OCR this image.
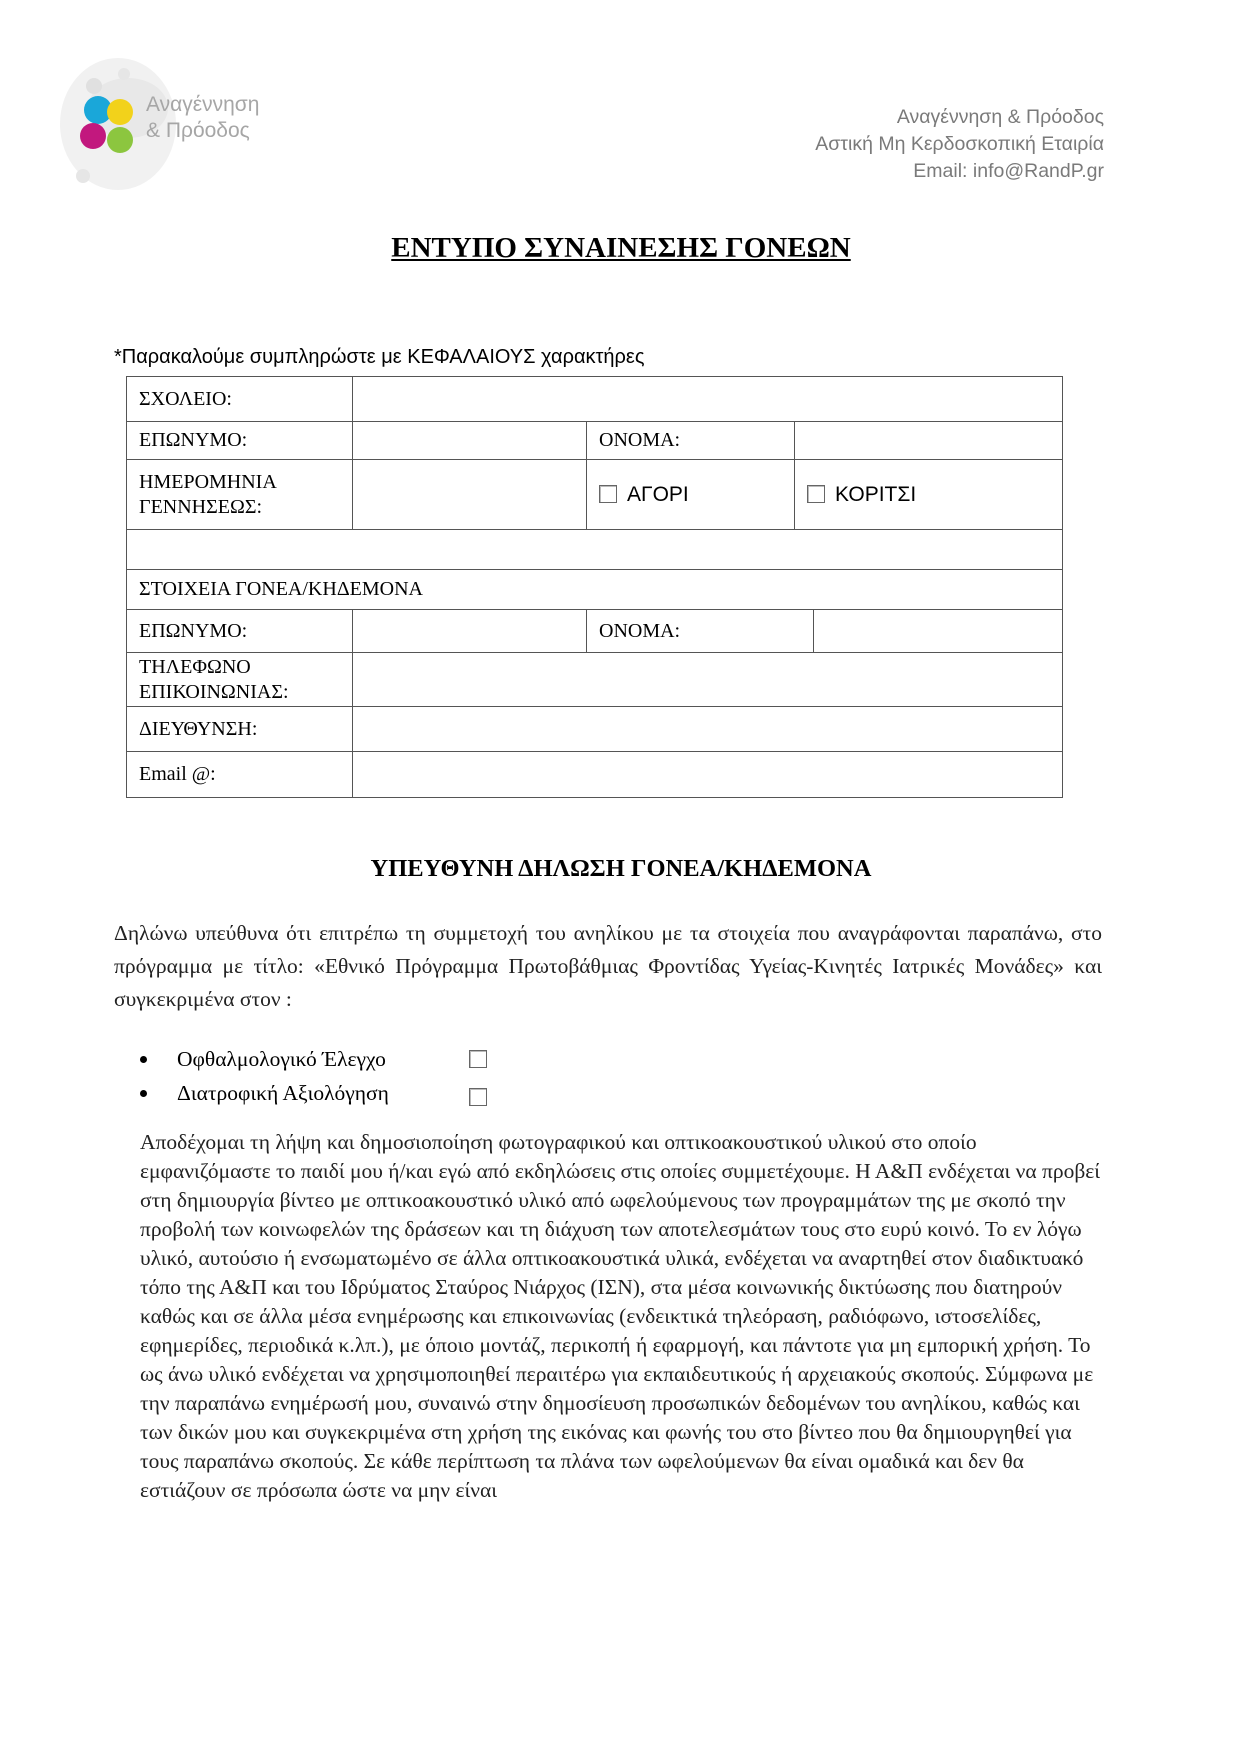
Αναγέννηση
& Πρόοδος
Αναγέννηση & Πρόοδος
Αστική Μη Κερδοσκοπική Εταιρία
Email: info@RandP.gr
ΕΝΤΥΠΟ ΣΥΝΑΙΝΕΣΗΣ ΓΟΝΕΩΝ
*Παρακαλούμε συμπληρώστε με ΚΕΦΑΛΑΙΟΥΣ χαρακτήρες
ΣΧΟΛΕΙΟ:			
ΕΠΩΝΥΜΟ:		ΟΝΟΜΑ:	
ΗΜΕΡΟΜΗΝΙΑ ΓΕΝΝΗΣΕΩΣ:		ΑΓΟΡΙ	ΚΟΡΙΤΣΙ

ΣΤΟΙΧΕΙΑ ΓΟΝΕΑ/ΚΗΔΕΜΟΝΑ			
ΕΠΩΝΥΜΟ:		ΟΝΟΜΑ:	
ΤΗΛΕΦΩΝΟ ΕΠΙΚΟΙΝΩΝΙΑΣ:			
ΔΙΕΥΘΥΝΣΗ:			
Email @:			
ΥΠΕΥΘΥΝΗ ΔΗΛΩΣΗ ΓΟΝΕΑ/ΚΗΔΕΜΟΝΑ
Δηλώνω υπεύθυνα ότι επιτρέπω τη συμμετοχή του ανηλίκου με τα στοιχεία που αναγράφονται παραπάνω, στο πρόγραμμα με τίτλο: «Εθνικό Πρόγραμμα Πρωτοβάθμιας Φροντίδας Υγείας-Κινητές Ιατρικές Μονάδες» και συγκεκριμένα στον :
Οφθαλμολογικό Έλεγχο
Διατροφική Αξιολόγηση
Αποδέχομαι τη λήψη και δημοσιοποίηση φωτογραφικού και οπτικοακουστικού υλικού στο οποίο εμφανιζόμαστε το παιδί μου ή/και εγώ από εκδηλώσεις στις οποίες συμμετέχουμε. Η Α&Π ενδέχεται να προβεί στη δημιουργία βίντεο με οπτικοακουστικό υλικό από ωφελούμενους των προγραμμάτων της με σκοπό την προβολή των κοινωφελών της δράσεων και τη διάχυση των αποτελεσμάτων τους στο ευρύ κοινό. Το εν λόγω υλικό, αυτούσιο ή ενσωματωμένο σε άλλα οπτικοακουστικά υλικά, ενδέχεται να αναρτηθεί στον διαδικτυακό τόπο της Α&Π και του Ιδρύματος Σταύρος Νιάρχος (ΙΣΝ), στα μέσα κοινωνικής δικτύωσης που διατηρούν καθώς και σε άλλα μέσα ενημέρωσης και επικοινωνίας (ενδεικτικά τηλεόραση, ραδιόφωνο, ιστοσελίδες, εφημερίδες, περιοδικά κ.λπ.), με όποιο μοντάζ, περικοπή ή εφαρμογή, και πάντοτε για μη εμπορική χρήση. Το ως άνω υλικό ενδέχεται να χρησιμοποιηθεί περαιτέρω για εκπαιδευτικούς ή αρχειακούς σκοπούς. Σύμφωνα με την παραπάνω ενημέρωσή μου, συναινώ στην δημοσίευση προσωπικών δεδομένων του ανηλίκου, καθώς και των δικών μου και συγκεκριμένα στη χρήση της εικόνας και φωνής του στο βίντεο που θα δημιουργηθεί για τους παραπάνω σκοπούς. Σε κάθε περίπτωση τα πλάνα των ωφελούμενων θα είναι ομαδικά και δεν θα εστιάζουν σε πρόσωπα ώστε να μην είναι
